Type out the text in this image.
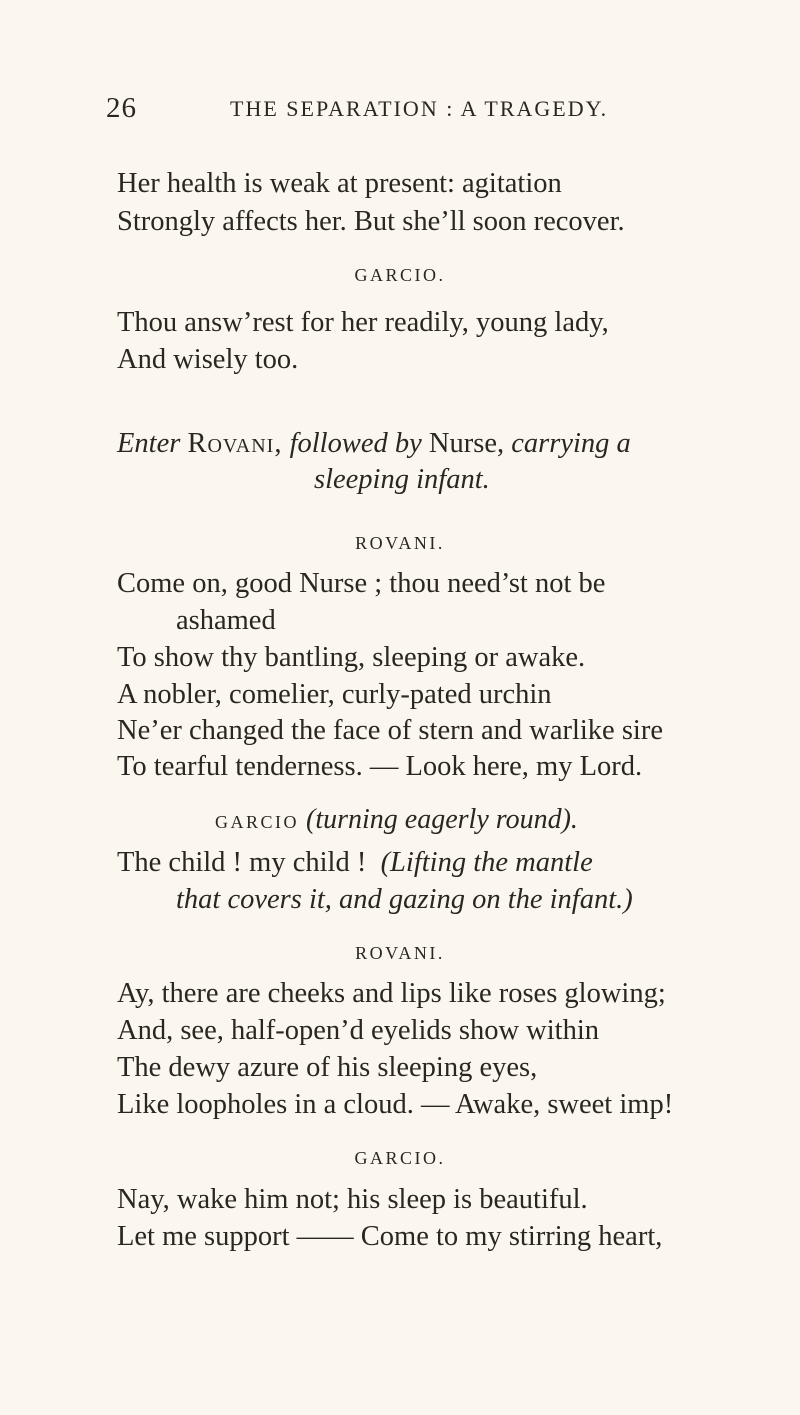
26	THE SEPARATION : A TRAGEDY.
Her health is weak at present: agitation
Strongly affects her. But she’ll soon recover.
GARCIO.
Thou answ’rest for her readily, young lady,
And wisely too.
Enter Rovani, followed by Nurse, carrying a
sleeping infant.
ROVANI.
Come on, good Nurse ; thou need’st not be
ashamed
To show thy bantling, sleeping or awake.
A nobler, comelier, curly-pated urchin
Ne’er changed the face of stern and warlike sire
To tearful tenderness. — Look here, my Lord.
GARCIO (turning eagerly round).
The child ! my child ! (Lifting the mantle
that covers it, and gazing on the infant.)
ROVANI.
Ay, there are cheeks and lips like roses glowing;
And, see, half-open’d eyelids show within
The dewy azure of his sleeping eyes,
Like loopholes in a cloud. — Awake, sweet imp!
GARCIO.
Nay, wake him not; his sleep is beautiful.
Let me support —— Come to my stirring heart,
